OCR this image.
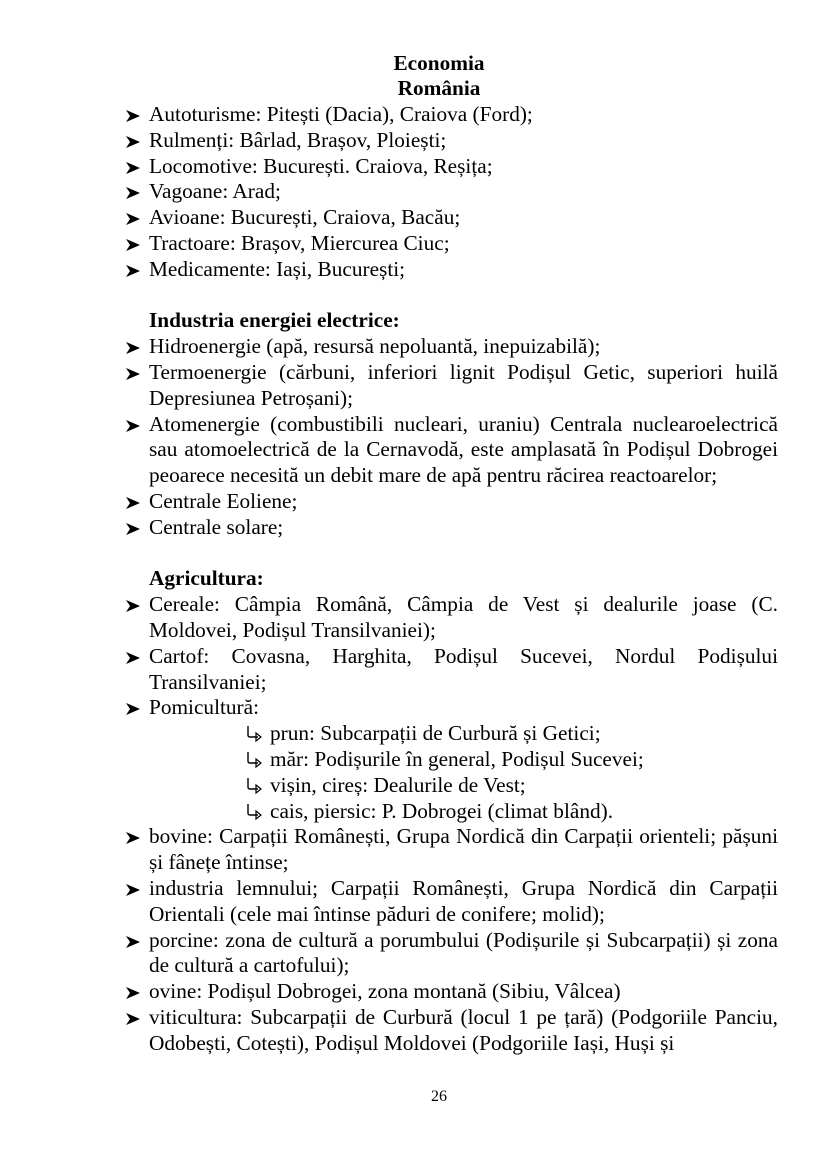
Economia
România
Autoturisme: Pitești (Dacia), Craiova (Ford);
Rulmenți: Bârlad, Brașov, Ploiești;
Locomotive: București. Craiova, Reșița;
Vagoane: Arad;
Avioane: București, Craiova, Bacău;
Tractoare: Brașov, Miercurea Ciuc;
Medicamente: Iași, București;
Industria energiei electrice:
Hidroenergie (apă, resursă nepoluantă, inepuizabilă);
Termoenergie (cărbuni, inferiori lignit Podișul Getic, superiori huilă Depresiunea Petroșani);
Atomenergie (combustibili nucleari, uraniu) Centrala nuclearoelectrică sau atomoelectrică de la Cernavodă, este amplasată în Podișul Dobrogei peoarece necesită un debit mare de apă pentru răcirea reactoarelor;
Centrale Eoliene;
Centrale solare;
Agricultura:
Cereale: Câmpia Română, Câmpia de Vest și dealurile joase (C. Moldovei, Podișul Transilvaniei);
Cartof: Covasna, Harghita, Podișul Sucevei, Nordul Podișului Transilvaniei;
Pomicultură:
prun: Subcarpații de Curbură și Getici;
măr: Podișurile în general, Podișul Sucevei;
vișin, cireș: Dealurile de Vest;
cais, piersic: P. Dobrogei (climat blând).
bovine: Carpații Românești, Grupa Nordică din Carpații orienteli; pășuni și fânețe întinse;
industria lemnului; Carpații Românești, Grupa Nordică din Carpații Orientali (cele mai întinse păduri de conifere; molid);
porcine: zona de cultură a porumbului (Podișurile și Subcarpații) și zona de cultură a cartofului);
ovine: Podișul Dobrogei, zona montană (Sibiu, Vâlcea)
viticultura: Subcarpații de Curbură (locul 1 pe țară) (Podgoriile Panciu, Odobești, Cotești), Podișul Moldovei (Podgoriile Iași, Huși și
26
